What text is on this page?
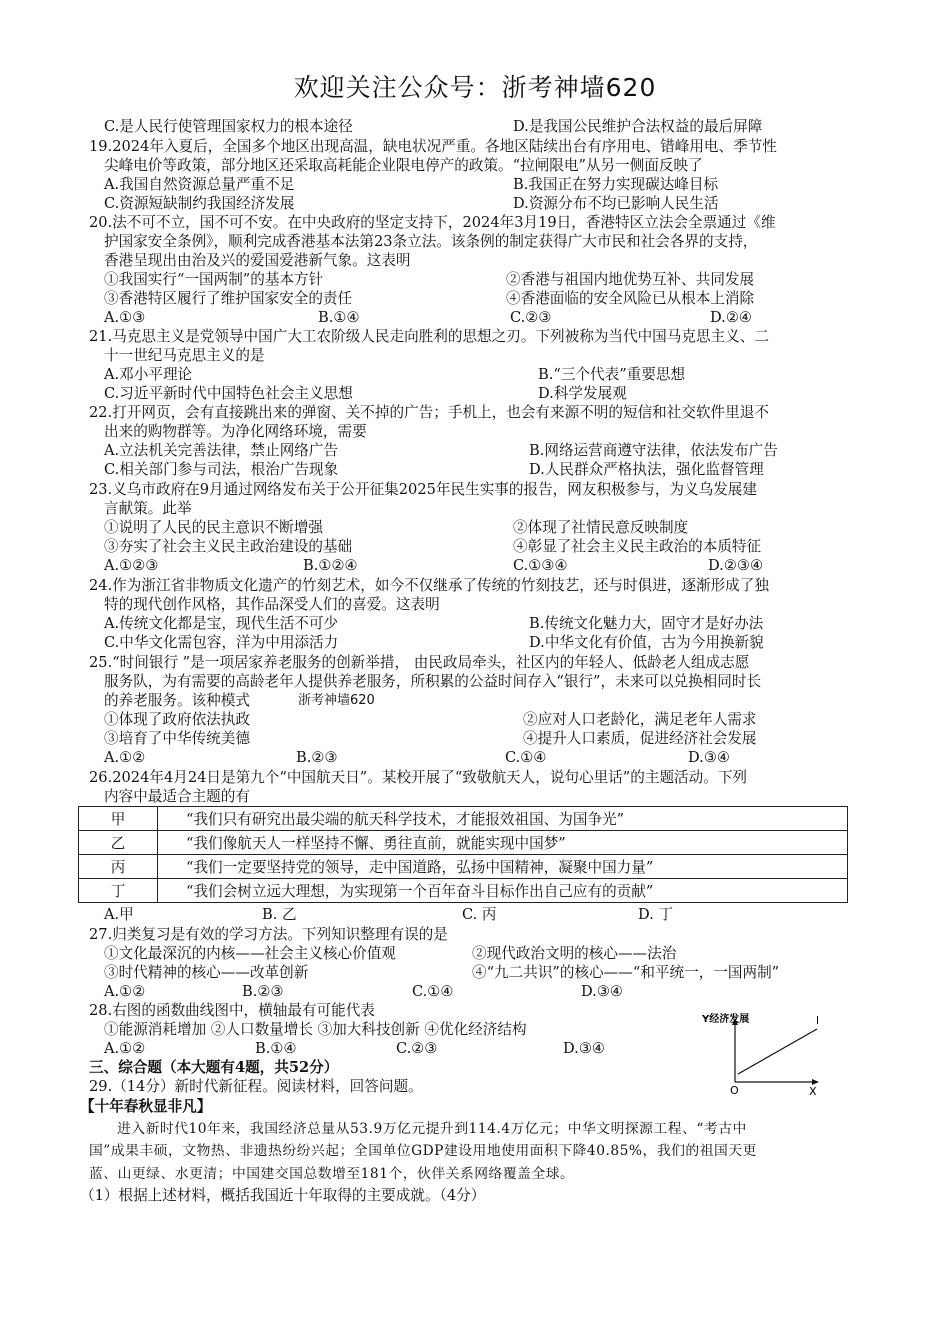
欢迎关注公众号：浙考神墙620
C.是人民行使管理国家权力的根本途径	D.是我国公民维护合法权益的最后屏障
19.2024年入夏后，全国多个地区出现高温，缺电状况严重。各地区陆续出台有序用电、错峰用电、季节性
尖峰电价等政策，部分地区还采取高耗能企业限电停产的政策。“拉闸限电”从另一侧面反映了
A.我国自然资源总量严重不足	B.我国正在努力实现碳达峰目标
C.资源短缺制约我国经济发展	D.资源分布不均已影响人民生活
20.法不可不立，国不可不安。在中央政府的坚定支持下，2024年3月19日，香港特区立法会全票通过《维
护国家安全条例》，顺利完成香港基本法第23条立法。该条例的制定获得广大市民和社会各界的支持，
香港呈现出由治及兴的爱国爱港新气象。这表明
①我国实行“一国两制”的基本方针	②香港与祖国内地优势互补、共同发展
③香港特区履行了维护国家安全的责任	④香港面临的安全风险已从根本上消除
A.①③	B.①④	C.②③	D.②④
21.马克思主义是党领导中国广大工农阶级人民走向胜利的思想之刃。下列被称为当代中国马克思主义、二
十一世纪马克思主义的是
A.邓小平理论	B.“三个代表”重要思想
C.习近平新时代中国特色社会主义思想	D.科学发展观
22.打开网页，会有直接跳出来的弹窗、关不掉的广告；手机上，也会有来源不明的短信和社交软件里退不
出来的购物群等。为净化网络环境，需要
A.立法机关完善法律，禁止网络广告	B.网络运营商遵守法律，依法发布广告
C.相关部门参与司法，根治广告现象	D.人民群众严格执法，强化监督管理
23.义乌市政府在9月通过网络发布关于公开征集2025年民生实事的报告，网友积极参与，为义乌发展建
言献策。此举
①说明了人民的民主意识不断增强	②体现了社情民意反映制度
③夯实了社会主义民主政治建设的基础	④彰显了社会主义民主政治的本质特征
A.①②③	B.①②④	C.①③④	D.②③④
24.作为浙江省非物质文化遗产的竹刻艺术，如今不仅继承了传统的竹刻技艺，还与时俱进，逐渐形成了独
特的现代创作风格，其作品深受人们的喜爱。这表明
A.传统文化都是宝，现代生活不可少	B.传统文化魅力大，固守才是好办法
C.中华文化需包容，洋为中用添活力	D.中华文化有价值，古为今用换新貌
25.“时间银行 ”是一项居家养老服务的创新举措， 由民政局牵头，社区内的年轻人、低龄老人组成志愿
服务队，为有需要的高龄老年人提供养老服务，所积累的公益时间存入“银行”，未来可以兑换相同时长
的养老服务。该种模式	浙考神墙620
①体现了政府依法执政	②应对人口老龄化，满足老年人需求
③培育了中华传统美德	④提升人口素质，促进经济社会发展
A.①②	B.②③	C.①④	D.③④
26.2024年4月24日是第九个“中国航天日”。某校开展了“致敬航天人，说句心里话”的主题活动。下列
内容中最适合主题的有
甲	“我们只有研究出最尖端的航天科学技术，才能报效祖国、为国争光”
乙	“我们像航天人一样坚持不懈、勇往直前，就能实现中国梦”
丙	“我们一定要坚持党的领导，走中国道路，弘扬中国精神，凝聚中国力量”
丁	“我们会树立远大理想，为实现第一个百年奋斗目标作出自己应有的贡献”
A.甲	B. 乙	C. 丙	D. 丁
27.归类复习是有效的学习方法。下列知识整理有误的是
①文化最深沉的内核——社会主义核心价值观	②现代政治文明的核心——法治
③时代精神的核心——改革创新	④“九二共识”的核心——“和平统一，一国两制”
A.①②	B.②③	C.①④	D.③④
28.右图的函数曲线图中，横轴最有可能代表
①能源消耗增加 ②人口数量增长 ③加大科技创新 ④优化经济结构
A.①②	B.①④	C.②③	D.③④
Y经济发展	l
O	X
三、综合题（本大题有4题，共52分）
29.（14分）新时代新征程。阅读材料，回答问题。
【十年春秋显非凡】
进入新时代10年来，我国经济总量从53.9万亿元提升到114.4万亿元；中华文明探源工程、“考古中
国”成果丰硕，文物热、非遗热纷纷兴起；全国单位GDP建设用地使用面积下降40.85%，我们的祖国天更
蓝、山更绿、水更清；中国建交国总数增至181个，伙伴关系网络覆盖全球。
（1）根据上述材料，概括我国近十年取得的主要成就。（4分）
